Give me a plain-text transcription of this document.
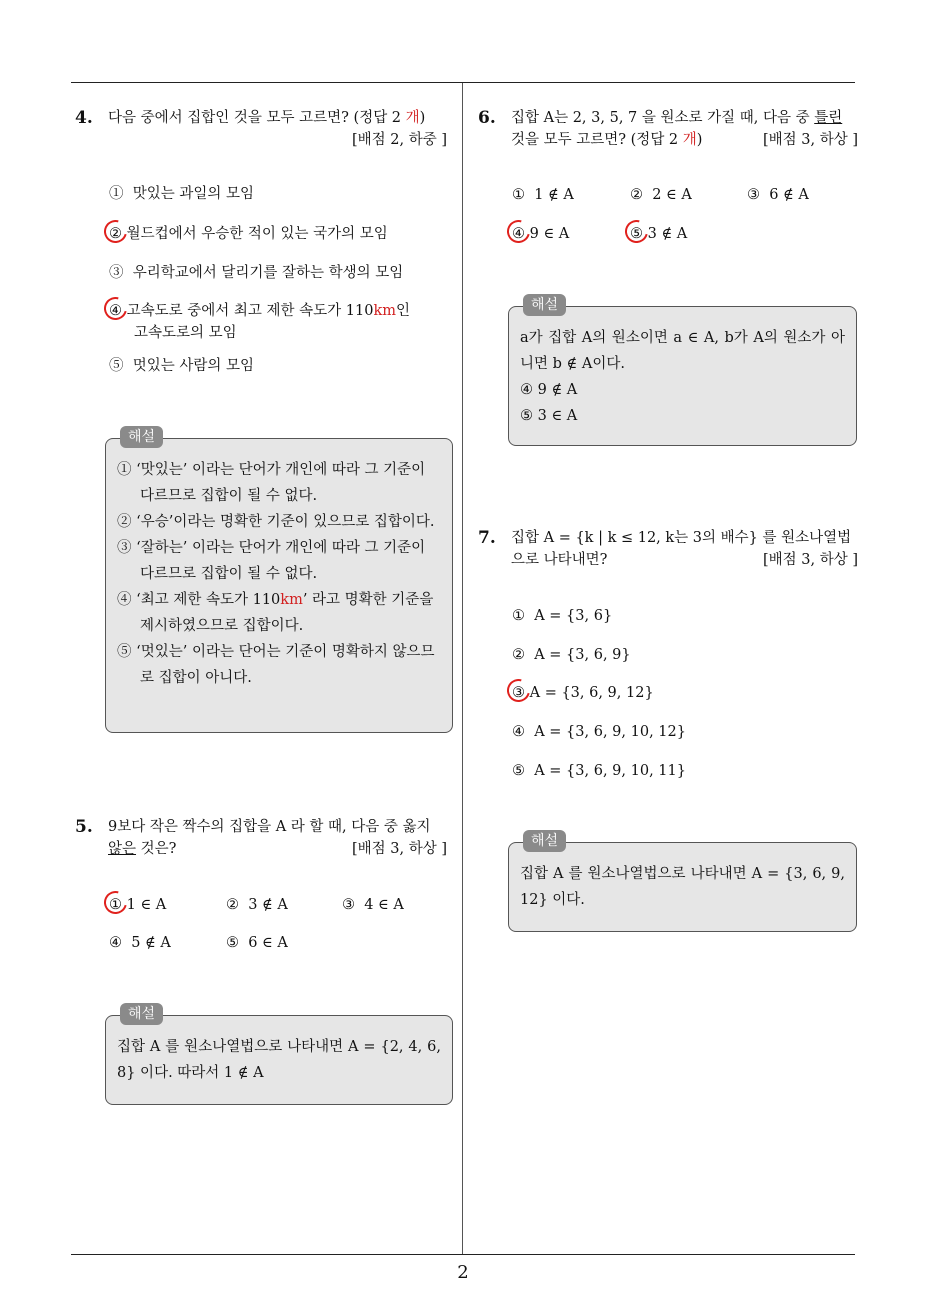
2
4. 다음 중에서 집합인 것을 모두 고르면? (정답 2 개)
[배점 2, 하중 ]
① 맛있는 과일의 모임
② 월드컵에서 우승한 적이 있는 국가의 모임
③ 우리학교에서 달리기를 잘하는 학생의 모임
④ 고속도로 중에서 최고 제한 속도가 110km인
고속도로의 모임
⑤ 멋있는 사람의 모임
해설
① ‘맛있는’ 이라는 단어가 개인에 따라 그 기준이 다르므로 집합이 될 수 없다.
② ‘우승’이라는 명확한 기준이 있으므로 집합이다.
③ ‘잘하는’ 이라는 단어가 개인에 따라 그 기준이 다르므로 집합이 될 수 없다.
④ ‘최고 제한 속도가 110km’ 라고 명확한 기준을 제시하였으므로 집합이다.
⑤ ‘멋있는’ 이라는 단어는 기준이 명확하지 않으므로 집합이 아니다.
5. 9보다 작은 짝수의 집합을 A 라 할 때, 다음 중 옳지
않은 것은?	[배점 3, 하상 ]
① 1 ∈ A	② 3 ∉ A	③ 4 ∈ A
④ 5 ∉ A	⑤ 6 ∈ A
해설
집합 A 를 원소나열법으로 나타내면 A = {2, 4, 6, 8} 이다. 따라서 1 ∉ A
6. 집합 A는 2, 3, 5, 7 을 원소로 가질 때, 다음 중 틀린
것을 모두 고르면? (정답 2 개)	[배점 3, 하상 ]
① 1 ∉ A	② 2 ∈ A	③ 6 ∉ A
④ 9 ∈ A	⑤ 3 ∉ A
해설
a가 집합 A의 원소이면 a ∈ A, b가 A의 원소가 아니면 b ∉ A이다.
④ 9 ∉ A
⑤ 3 ∈ A
7. 집합 A = {k | k ≤ 12, k는 3의 배수} 를 원소나열법
으로 나타내면?	[배점 3, 하상 ]
① A = {3, 6}
② A = {3, 6, 9}
③ A = {3, 6, 9, 12}
④ A = {3, 6, 9, 10, 12}
⑤ A = {3, 6, 9, 10, 11}
해설
집합 A 를 원소나열법으로 나타내면 A = {3, 6, 9, 12} 이다.
